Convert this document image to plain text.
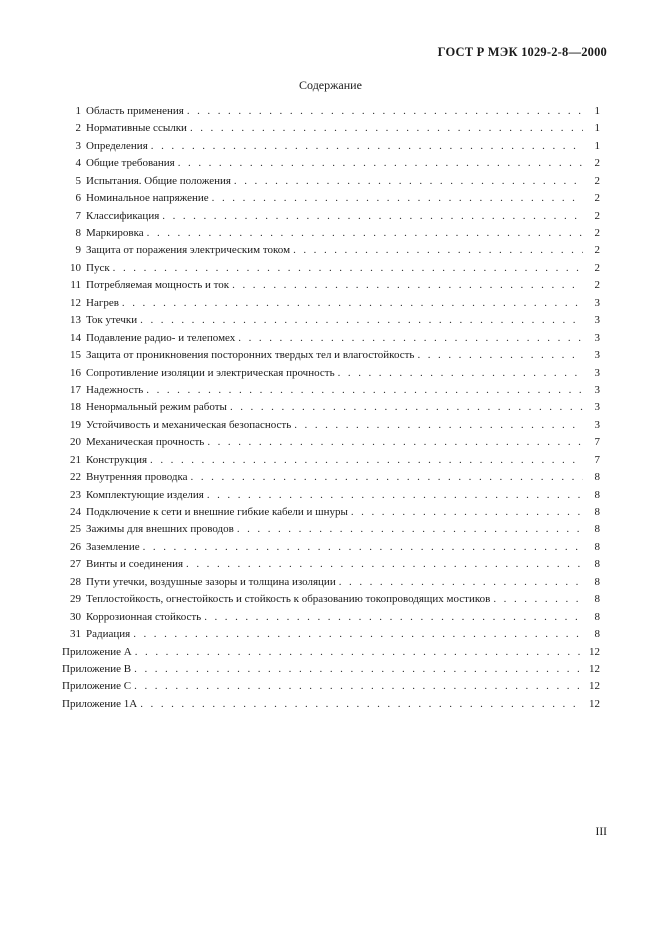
ГОСТ Р МЭК 1029-2-8—2000
Содержание
1 Область применения . . .	1
2 Нормативные ссылки . . .	1
3 Определения . . .	1
4 Общие требования . . .	2
5 Испытания. Общие положения . . .	2
6 Номинальное напряжение . . .	2
7 Классификация . . .	2
8 Маркировка . . .	2
9 Защита от поражения электрическим током . . .	2
10 Пуск . . .	2
11 Потребляемая мощность и ток . . .	2
12 Нагрев . . .	3
13 Ток утечки . . .	3
14 Подавление радио- и телепомех . . .	3
15 Защита от проникновения посторонних твердых тел и влагостойкость . . .	3
16 Сопротивление изоляции и электрическая прочность . . .	3
17 Надежность . . .	3
18 Ненормальный режим работы . . .	3
19 Устойчивость и механическая безопасность . . .	3
20 Механическая прочность . . .	7
21 Конструкция . . .	7
22 Внутренняя проводка . . .	8
23 Комплектующие изделия . . .	8
24 Подключение к сети и внешние гибкие кабели и шнуры . . .	8
25 Зажимы для внешних проводов . . .	8
26 Заземление . . .	8
27 Винты и соединения . . .	8
28 Пути утечки, воздушные зазоры и толщина изоляции . . .	8
29 Теплостойкость, огнестойкость и стойкость к образованию токопроводящих мостиков . . .	8
30 Коррозионная стойкость . . .	8
31 Радиация . . .	8
Приложение А . . .	12
Приложение В . . .	12
Приложение С . . .	12
Приложение 1А . . .	12
III
